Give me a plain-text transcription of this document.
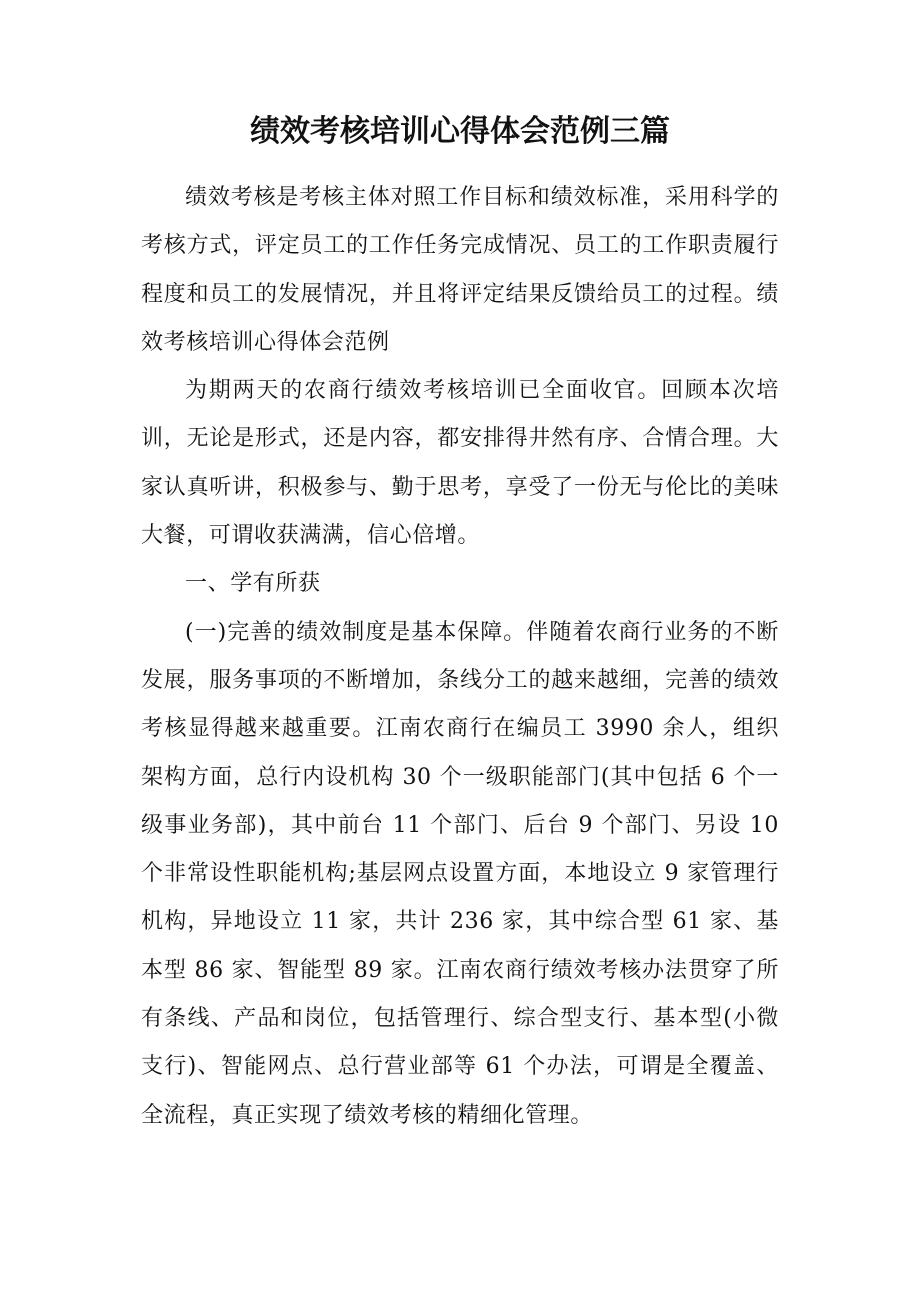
绩效考核培训心得体会范例三篇

绩效考核是考核主体对照工作目标和绩效标准，采用科学的考核方式，评定员工的工作任务完成情况、员工的工作职责履行程度和员工的发展情况，并且将评定结果反馈给员工的过程。绩效考核培训心得体会范例

为期两天的农商行绩效考核培训已全面收官。回顾本次培训，无论是形式，还是内容，都安排得井然有序、合情合理。大家认真听讲，积极参与、勤于思考，享受了一份无与伦比的美味大餐，可谓收获满满，信心倍增。

一、学有所获

(一)完善的绩效制度是基本保障。伴随着农商行业务的不断发展，服务事项的不断增加，条线分工的越来越细，完善的绩效考核显得越来越重要。江南农商行在编员工 3990 余人，组织架构方面，总行内设机构 30 个一级职能部门(其中包括 6 个一级事业务部)，其中前台 11 个部门、后台 9 个部门、另设 10 个非常设性职能机构;基层网点设置方面，本地设立 9 家管理行机构，异地设立 11 家，共计 236 家，其中综合型 61 家、基本型 86 家、智能型 89 家。江南农商行绩效考核办法贯穿了所有条线、产品和岗位，包括管理行、综合型支行、基本型(小微支行)、智能网点、总行营业部等 61 个办法，可谓是全覆盖、全流程，真正实现了绩效考核的精细化管理。
